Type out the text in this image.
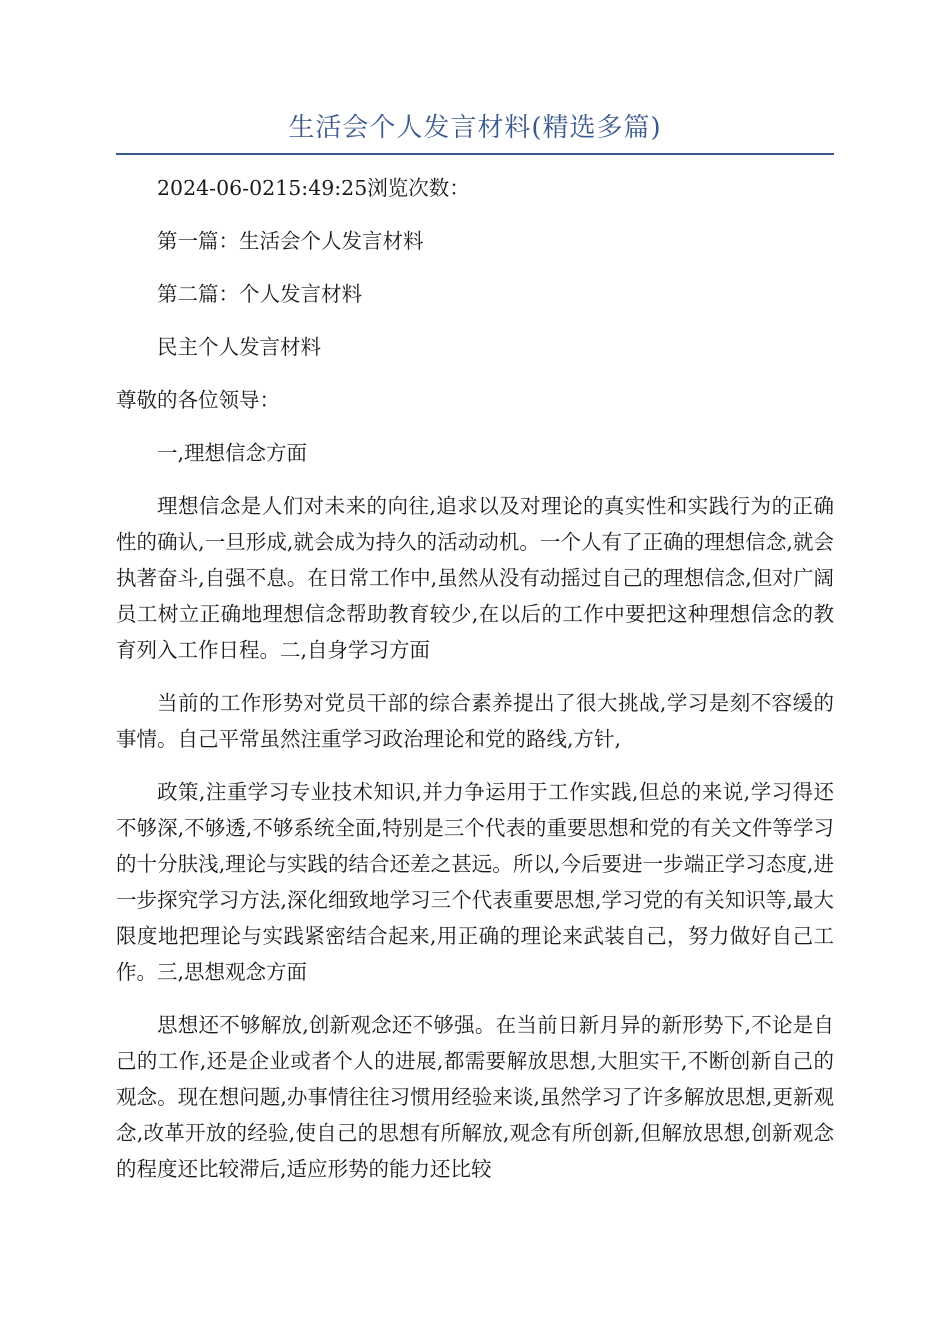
生活会个人发言材料(精选多篇)

2024-06-0215:49:25浏览次数：

第一篇：生活会个人发言材料

第二篇：个人发言材料

民主个人发言材料

尊敬的各位领导：

一,理想信念方面

理想信念是人们对未来的向往,追求以及对理论的真实性和实践行为的正确性的确认,一旦形成,就会成为持久的活动动机。一个人有了正确的理想信念,就会执著奋斗,自强不息。在日常工作中,虽然从没有动摇过自己的理想信念,但对广阔员工树立正确地理想信念帮助教育较少,在以后的工作中要把这种理想信念的教育列入工作日程。二,自身学习方面

当前的工作形势对党员干部的综合素养提出了很大挑战,学习是刻不容缓的事情。自己平常虽然注重学习政治理论和党的路线,方针,

政策,注重学习专业技术知识,并力争运用于工作实践,但总的来说,学习得还不够深,不够透,不够系统全面,特别是三个代表的重要思想和党的有关文件等学习的十分肤浅,理论与实践的结合还差之甚远。所以,今后要进一步端正学习态度,进一步探究学习方法,深化细致地学习三个代表重要思想,学习党的有关知识等,最大限度地把理论与实践紧密结合起来,用正确的理论来武装自己，努力做好自己工作。三,思想观念方面

思想还不够解放,创新观念还不够强。在当前日新月异的新形势下,不论是自己的工作,还是企业或者个人的进展,都需要解放思想,大胆实干,不断创新自己的观念。现在想问题,办事情往往习惯用经验来谈,虽然学习了许多解放思想,更新观念,改革开放的经验,使自己的思想有所解放,观念有所创新,但解放思想,创新观念的程度还比较滞后,适应形势的能力还比较
